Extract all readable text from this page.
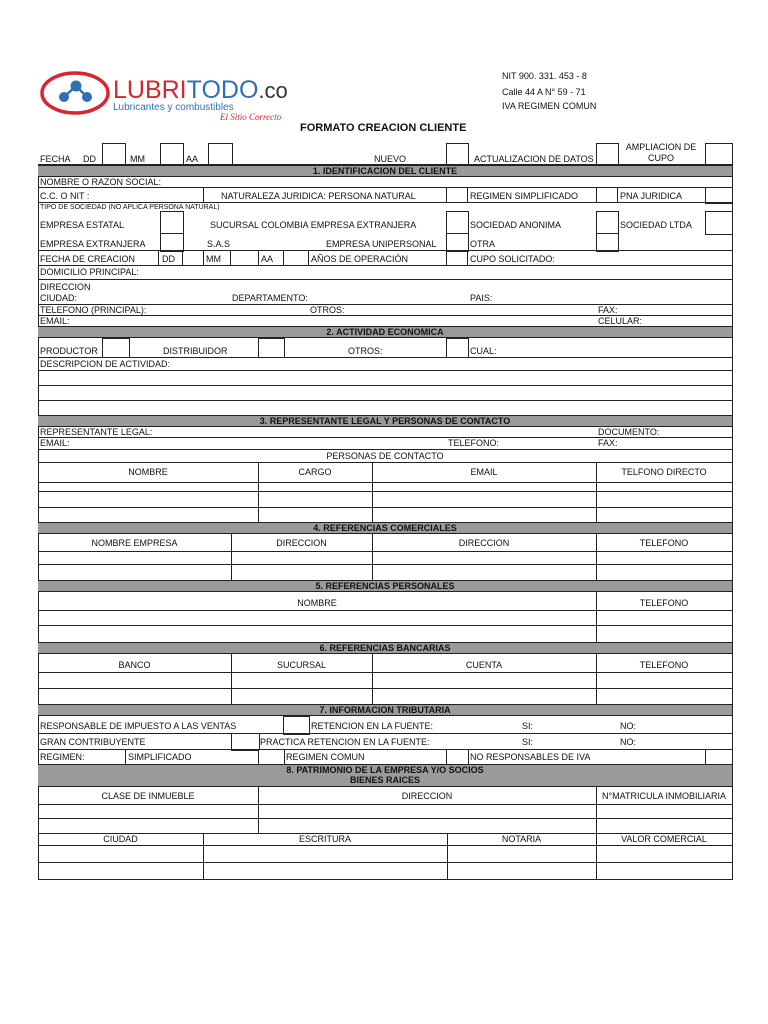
LUBRITODO.co
Lubricantes y combustibles
El Sitio Correcto
NIT 900. 331. 453 - 8
Calle 44 A N° 59 - 71
IVA REGIMEN COMUN
FORMATO CREACION CLIENTE
FECHA DD	MM	AA	NUEVO	ACTUALIZACION DE DATOS
AMPLIACION DE
CUPO
1. IDENTIFICACION DEL CLIENTE
NOMBRE O RAZON SOCIAL:
C.C. O NIT :	NATURALEZA JURIDICA: PERSONA NATURAL	REGIMEN SIMPLIFICADO	PNA JURIDICA
TIPO DE SOCIEDAD (NO APLICA PERSONA NATURAL)
EMPRESA ESTATAL	SUCURSAL COLOMBIA EMPRESA EXTRANJERA	SOCIEDAD ANONIMA	SOCIEDAD LTDA
EMPRESA EXTRANJERA	S.A.S	EMPRESA UNIPERSONAL	OTRA
FECHA DE CREACION	DD	MM	AA	AÑOS DE OPERACIÓN	CUPO SOLICITADO:
DOMICILIO PRINCIPAL:
DIRECCION
CIUDAD:	DEPARTAMENTO:	PAIS:
TELEFONO (PRINCIPAL):	OTROS:	FAX:
EMAIL:	CELULAR:
2. ACTIVIDAD ECONOMICA
PRODUCTOR	DISTRIBUIDOR	OTROS:	CUAL:
DESCRIPCION DE ACTIVIDAD:
3. REPRESENTANTE LEGAL Y PERSONAS DE CONTACTO
REPRESENTANTE LEGAL:	DOCUMENTO:
EMAIL:	TELEFONO:	FAX:
PERSONAS DE CONTACTO
NOMBRE	CARGO	EMAIL	TELFONO DIRECTO
4. REFERENCIAS COMERCIALES
NOMBRE EMPRESA	DIRECCION	DIRECCION	TELEFONO
5. REFERENCIAS PERSONALES
NOMBRE	TELEFONO
6. REFERENCIAS BANCARIAS
BANCO	SUCURSAL	CUENTA	TELEFONO
7. INFORMACION TRIBUTARIA
RESPONSABLE DE IMPUESTO A LAS VENTAS	RETENCION EN LA FUENTE:	SI:	NO:
GRAN CONTRIBUYENTE	PRACTICA RETENCION EN LA FUENTE:	SI:	NO:
REGIMEN:	SIMPLIFICADO	REGIMEN COMUN	NO RESPONSABLES DE IVA
8. PATRIMONIO DE LA EMPRESA Y/O SOCIOS
BIENES RAICES
CLASE DE INMUEBLE	DIRECCION	N°MATRICULA INMOBILIARIA
CIUDAD	ESCRITURA	NOTARIA	VALOR COMERCIAL
